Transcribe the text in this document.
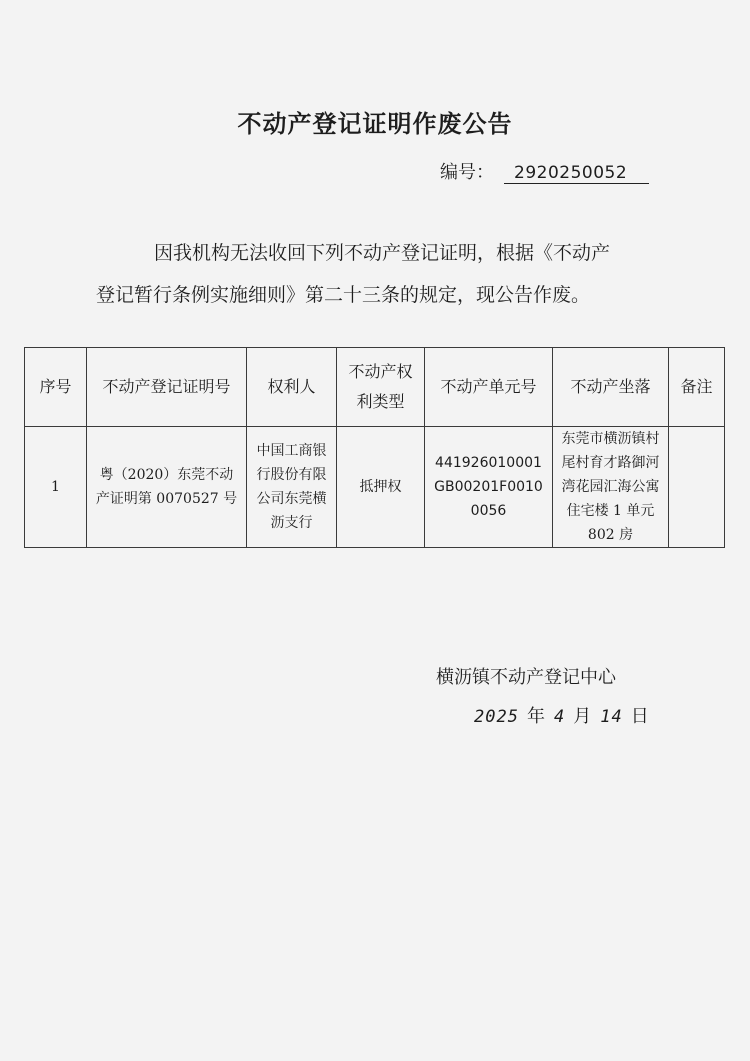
不动产登记证明作废公告
编号： 2920250052
因我机构无法收回下列不动产登记证明，根据《不动产
登记暂行条例实施细则》第二十三条的规定，现公告作废。
序号	不动产登记证明号	权利人	不动产权利类型	不动产单元号	不动产坐落	备注
1	粤（2020）东莞不动产证明第 0070527 号	中国工商银行股份有限公司东莞横沥支行	抵押权	441926010001GB00201F00100056	东莞市横沥镇村尾村育才路御河湾花园汇海公寓住宅楼 1 单元 802 房	
横沥镇不动产登记中心
2025 年 4 月 14 日
